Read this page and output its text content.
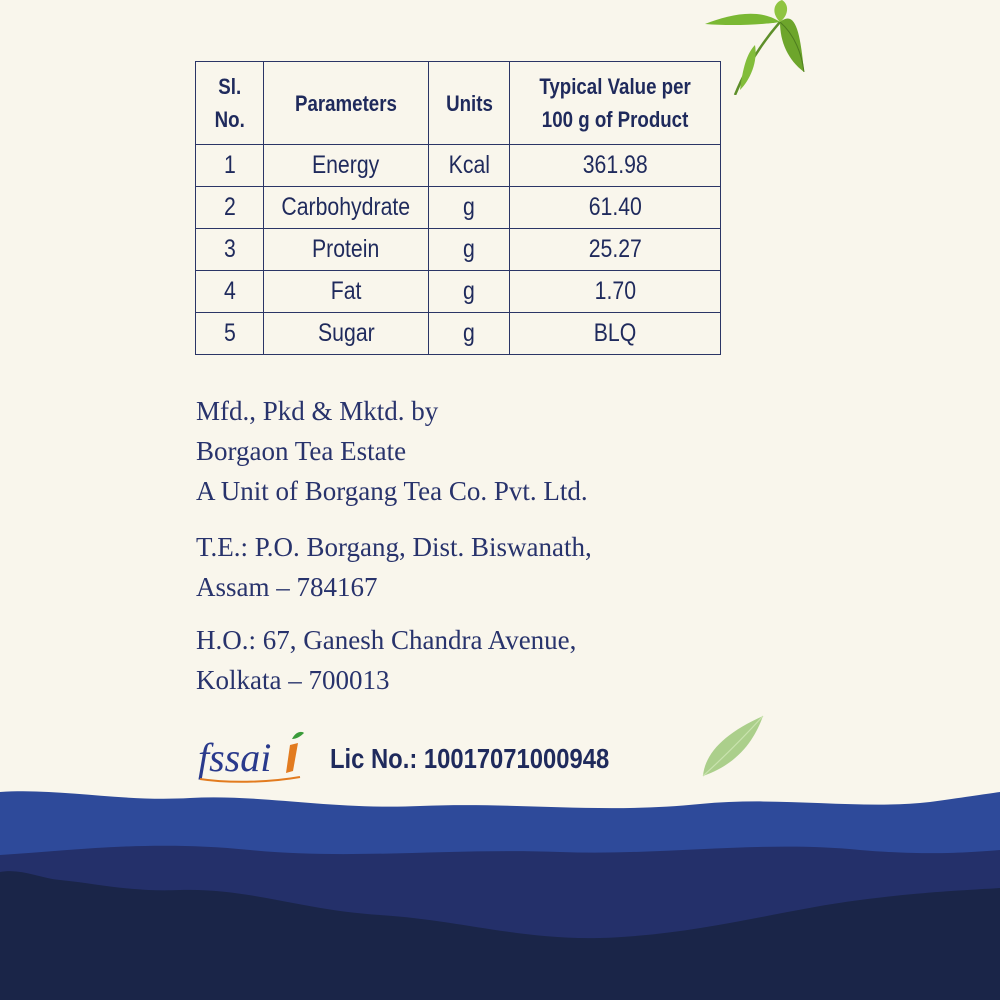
Sl.
No.	Parameters	Units	Typical Value per
100 g of Product
1	Energy	Kcal	361.98
2	Carbohydrate	g	61.40
3	Protein	g	25.27
4	Fat	g	1.70
5	Sugar	g	BLQ
Mfd., Pkd & Mktd. by
Borgaon Tea Estate
A Unit of Borgang Tea Co. Pvt. Ltd.
T.E.: P.O. Borgang, Dist. Biswanath,
Assam – 784167
H.O.: 67, Ganesh Chandra Avenue,
Kolkata – 700013
fssai Lic No.: 10017071000948
